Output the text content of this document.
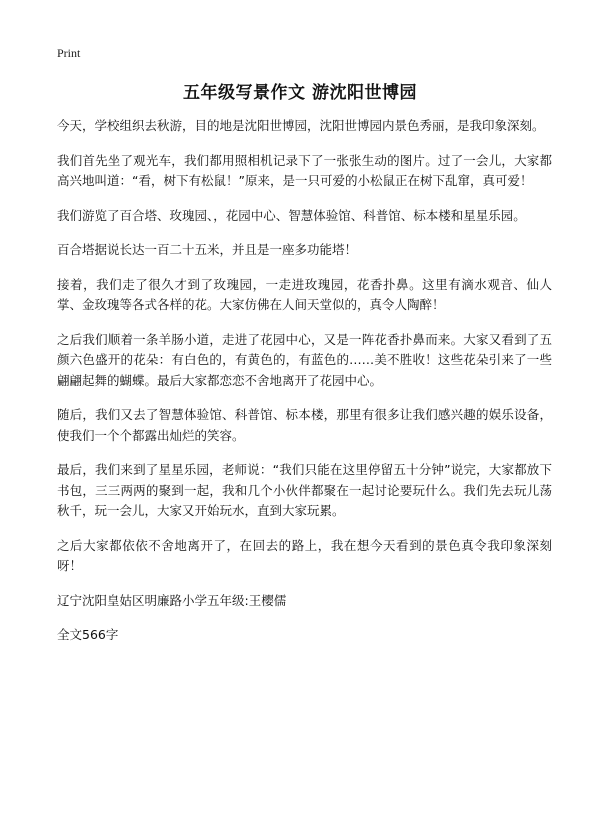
Print
五年级写景作文 游沈阳世博园

今天，学校组织去秋游，目的地是沈阳世博园，沈阳世博园内景色秀丽，是我印象深刻。

我们首先坐了观光车，我们都用照相机记录下了一张张生动的图片。过了一会儿，大家都高兴地叫道：“看，树下有松鼠！”原来，是一只可爱的小松鼠正在树下乱窜，真可爱！

我们游览了百合塔、玫瑰园、，花园中心、智慧体验馆、科普馆、标本楼和星星乐园。

百合塔据说长达一百二十五米，并且是一座多功能塔！

接着，我们走了很久才到了玫瑰园，一走进玫瑰园，花香扑鼻。这里有滴水观音、仙人掌、金玫瑰等各式各样的花。大家仿佛在人间天堂似的，真令人陶醉！

之后我们顺着一条羊肠小道，走进了花园中心，又是一阵花香扑鼻而来。大家又看到了五颜六色盛开的花朵：有白色的，有黄色的，有蓝色的……美不胜收！这些花朵引来了一些翩翩起舞的蝴蝶。最后大家都恋恋不舍地离开了花园中心。

随后，我们又去了智慧体验馆、科普馆、标本楼，那里有很多让我们感兴趣的娱乐设备，使我们一个个都露出灿烂的笑容。

最后，我们来到了星星乐园，老师说：“我们只能在这里停留五十分钟”说完，大家都放下书包，三三两两的聚到一起，我和几个小伙伴都聚在一起讨论要玩什么。我们先去玩儿荡秋千，玩一会儿，大家又开始玩水，直到大家玩累。

之后大家都依依不舍地离开了，在回去的路上，我在想今天看到的景色真令我印象深刻呀！

辽宁沈阳皇姑区明廉路小学五年级:王樱儒

全文566字
